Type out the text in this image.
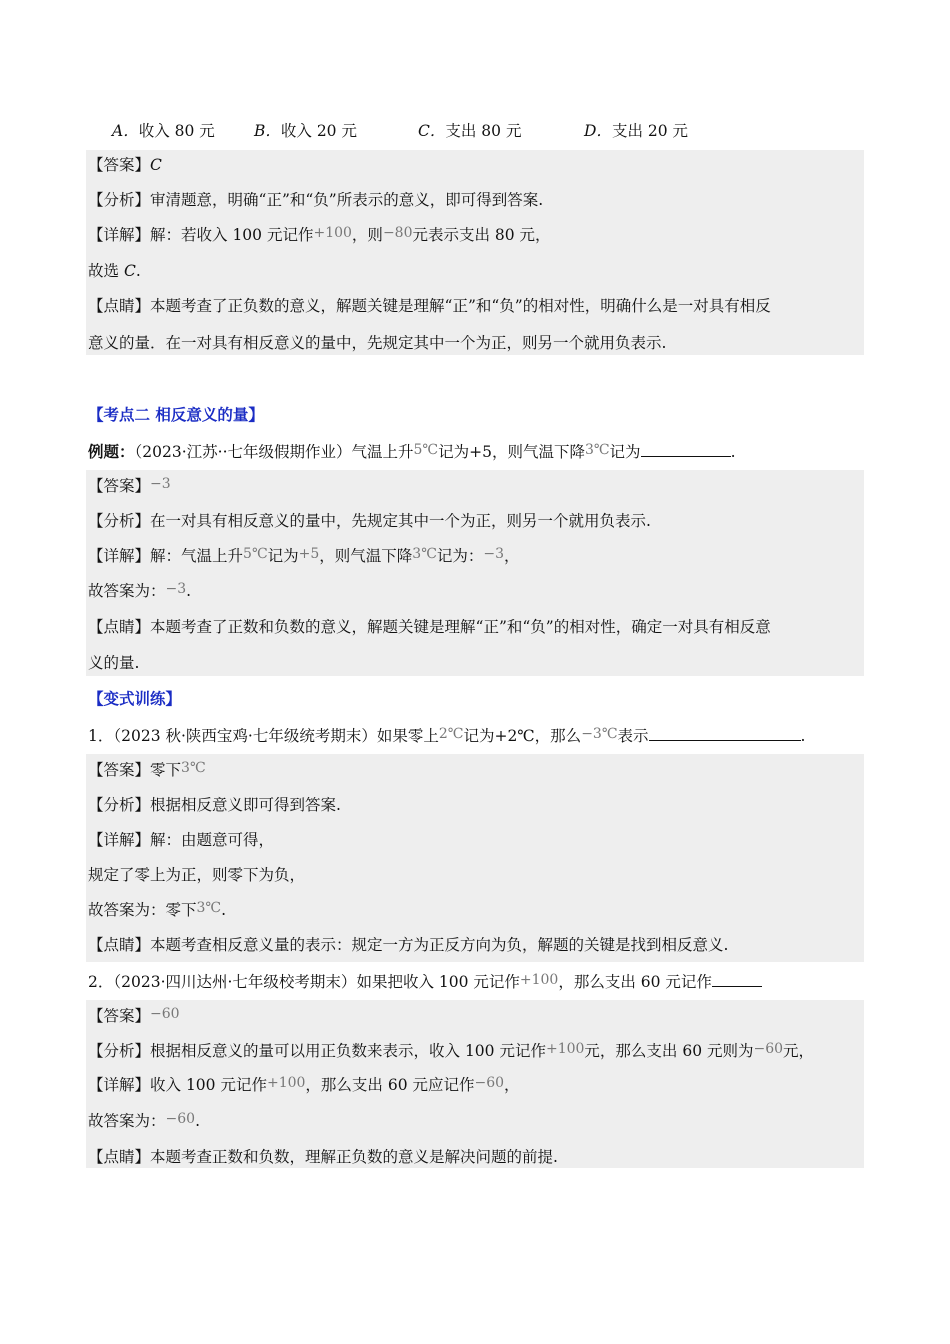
A．收入 80 元	B．收入 20 元	C．支出 80 元	D．支出 20 元
【答案】C
【分析】审清题意，明确“正”和“负”所表示的意义，即可得到答案.
【详解】解：若收入 100 元记作+100，则−80元表示支出 80 元，
故选 C.
【点睛】本题考查了正负数的意义，解题关键是理解“正”和“负”的相对性，明确什么是一对具有相反
意义的量．在一对具有相反意义的量中，先规定其中一个为正，则另一个就用负表示.
【考点二 相反意义的量】
例题：（2023·江苏··七年级假期作业）气温上升5℃记为+5，则气温下降3℃记为	.
【答案】−3
【分析】在一对具有相反意义的量中，先规定其中一个为正，则另一个就用负表示.
【详解】解：气温上升5℃记为+5，则气温下降3℃记为：−3，
故答案为：−3.
【点睛】本题考查了正数和负数的意义，解题关键是理解“正”和“负”的相对性，确定一对具有相反意
义的量.
【变式训练】
1．（2023 秋·陕西宝鸡·七年级统考期末）如果零上2℃记为+2℃，那么−3℃表示	.
【答案】零下3℃
【分析】根据相反意义即可得到答案.
【详解】解：由题意可得，
规定了零上为正，则零下为负，
故答案为：零下3℃.
【点睛】本题考查相反意义量的表示：规定一方为正反方向为负，解题的关键是找到相反意义.
2．（2023·四川达州·七年级校考期末）如果把收入 100 元记作+100，那么支出 60 元记作
【答案】−60
【分析】根据相反意义的量可以用正负数来表示，收入 100 元记作+100元，那么支出 60 元则为−60元，
【详解】收入 100 元记作+100，那么支出 60 元应记作−60，
故答案为：−60.
【点睛】本题考查正数和负数，理解正负数的意义是解决问题的前提.
